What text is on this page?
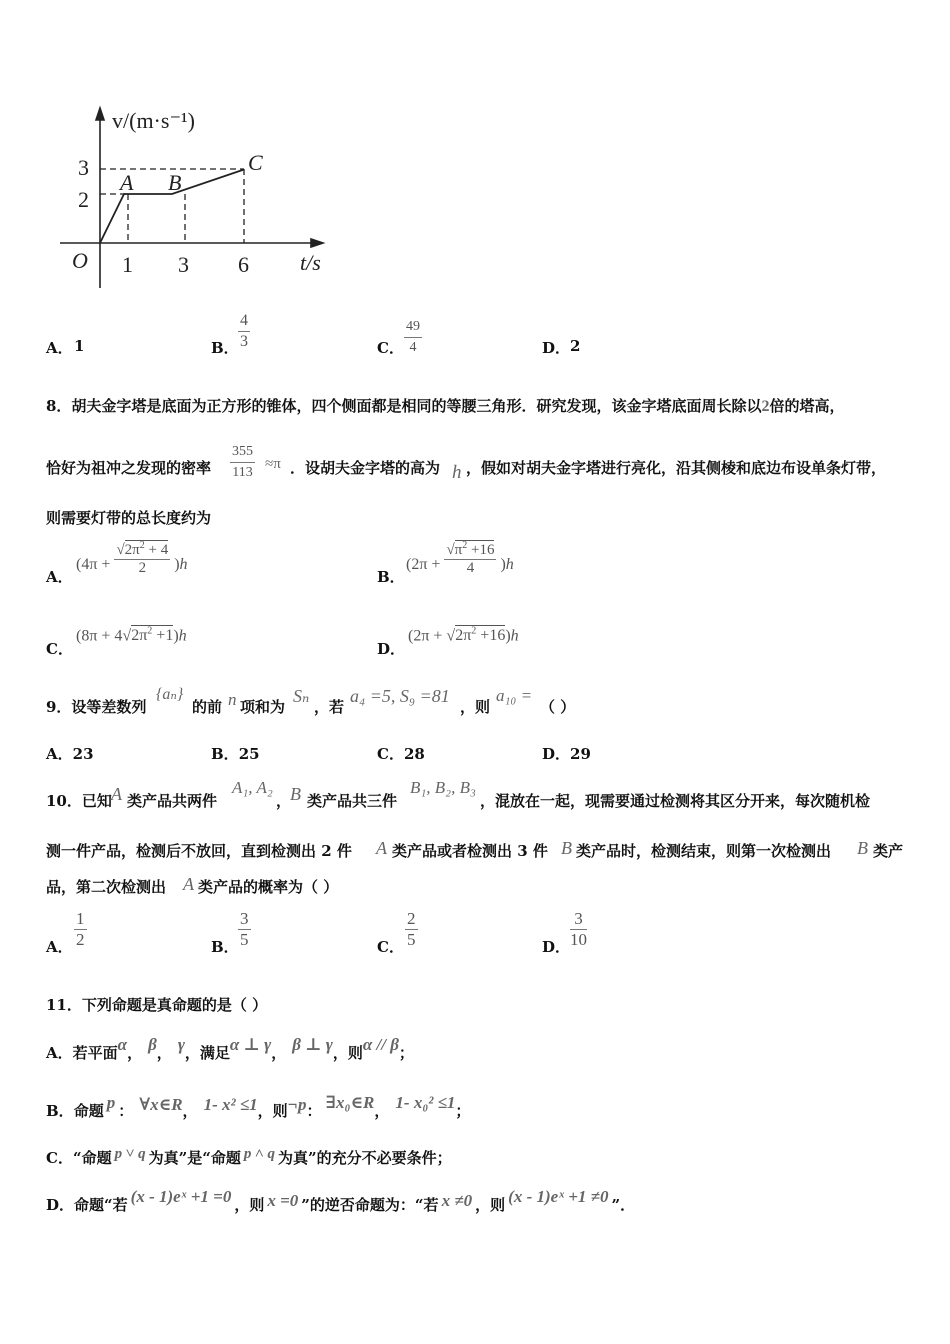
v/(m·s⁻¹)
3
2
O 1 3 6 t/s
A B
C
A． 1	B． $\frac{4}{3}$	C． $\frac{49}{4}$	D． 2
8．胡夫金字塔是底面为正方形的锥体，四个侧面都是相同的等腰三角形．研究发现，该金字塔底面周长除以2倍的塔高，
恰好为祖冲之发现的密率 $\frac{355}{113} \approx\pi$ ．设胡夫金字塔的高为 h ，假如对胡夫金字塔进行亮化，沿其侧棱和底边布设单条灯带，
则需要灯带的总长度约为
A．
$(4\pi + \frac{√2\pi^2 + 4}{2} )h$
B．
$(2\pi + \frac{√\pi^2 +16}{4} )h$
C．
$(8\pi + 4√2\pi^2 +1)h$
D．
$(2\pi + √2\pi^2 +16)h$
9．设等差数列
{aₙ}
的前 n 项和为
Sₙ
，若
a₄ =5, S₉ =81
，则
a₁₀ =
（ ）
A．23	B．25	C．28	D．29
10．已知 A 类产品共两件
A₁, A₂
，
B 类产品共三件
B₁, B₂, B₃
，混放在一起，现需要通过检测将其区分开来，每次随机检
测一件产品，检测后不放回，直到检测出 2 件 A 类产品或者检测出 3 件 B 类产品时，检测结束，则第一次检测出 B 类产
品，第二次检测出 A 类产品的概率为（ ）
A． $\frac{1}{2}$	B． $\frac{3}{5}$	C． $\frac{2}{5}$	D． $\frac{3}{10}$
11．下列命题是真命题的是（ ）
A．若平面α， β， γ，满足α ⊥ γ， β ⊥ γ，则α // β；
B．命题 p ： ∀x∈R， 1- x² ≤1，则¬p： ∃x₀∈R， 1- x₀² ≤1；
C．“命题 p ˅ q 为真”是“命题 p ˄ q 为真”的充分不必要条件；
D．命题“若 (x - 1)eˣ +1 =0 ，则 x =0 ”的逆否命题为：“若 x ≠0 ，则 (x - 1)eˣ +1 ≠0 ”．
